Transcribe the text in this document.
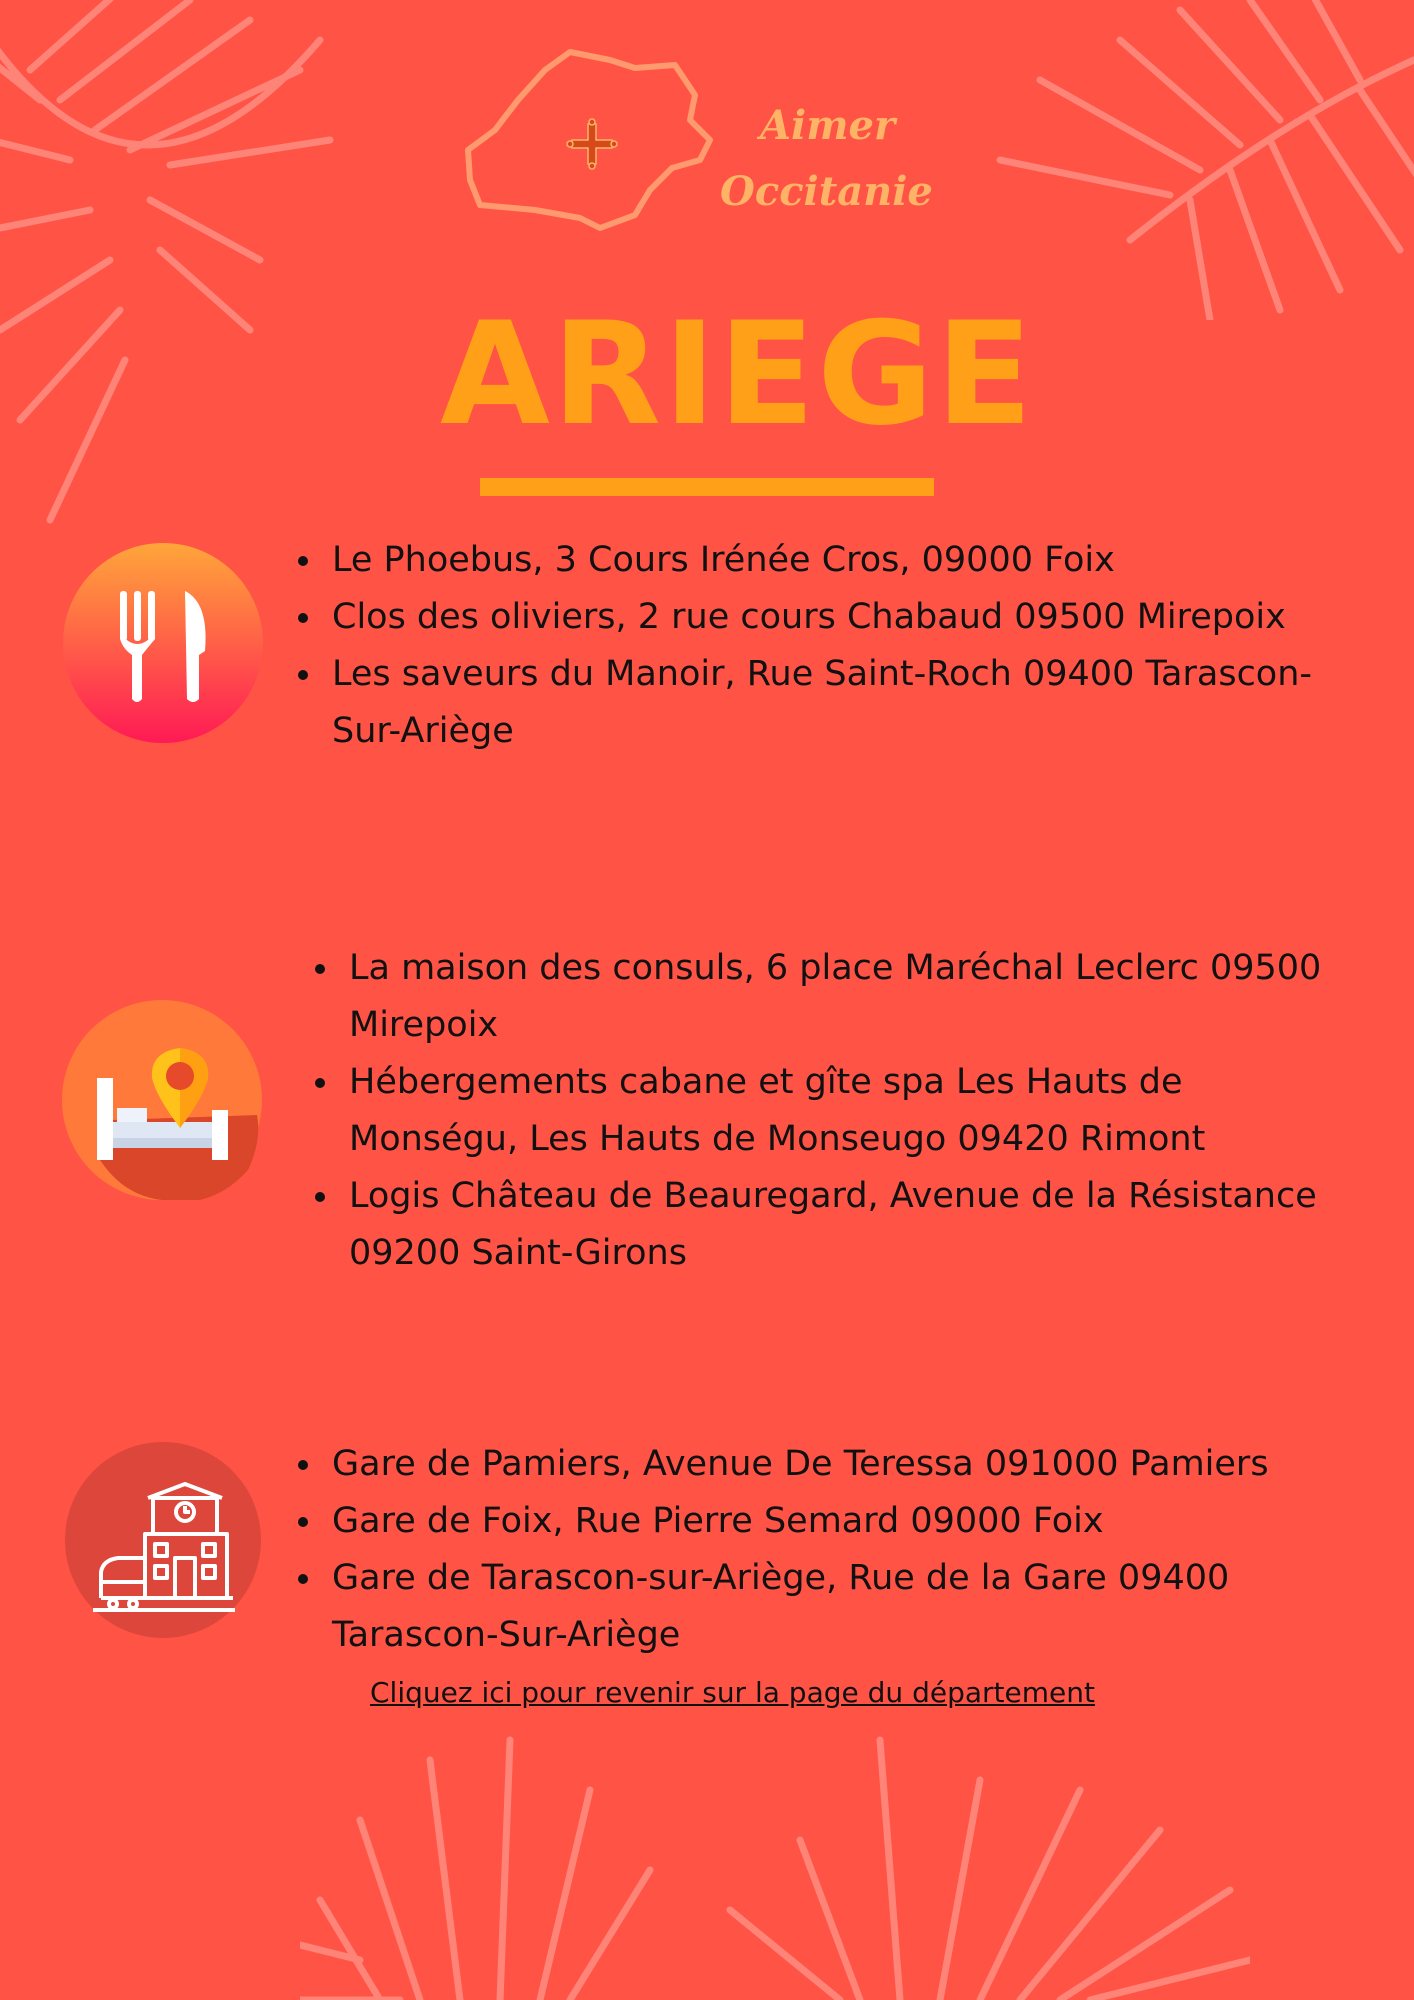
Aimer
Occitanie
ARIEGE
Le Phoebus, 3 Cours Irénée Cros, 09000 Foix
Clos des oliviers, 2 rue cours Chabaud 09500 Mirepoix
Les saveurs du Manoir, Rue Saint-Roch 09400 Tarascon-Sur-Ariège
La maison des consuls, 6 place Maréchal Leclerc 09500 Mirepoix
Hébergements cabane et gîte spa Les Hauts de Monségu, Les Hauts de Monseugo 09420 Rimont
Logis Château de Beauregard, Avenue de la Résistance 09200 Saint-Girons
Gare de Pamiers, Avenue De Teressa 091000 Pamiers
Gare de Foix, Rue Pierre Semard 09000 Foix
Gare de Tarascon-sur-Ariège, Rue de la Gare 09400 Tarascon-Sur-Ariège
Cliquez ici pour revenir sur la page du département
